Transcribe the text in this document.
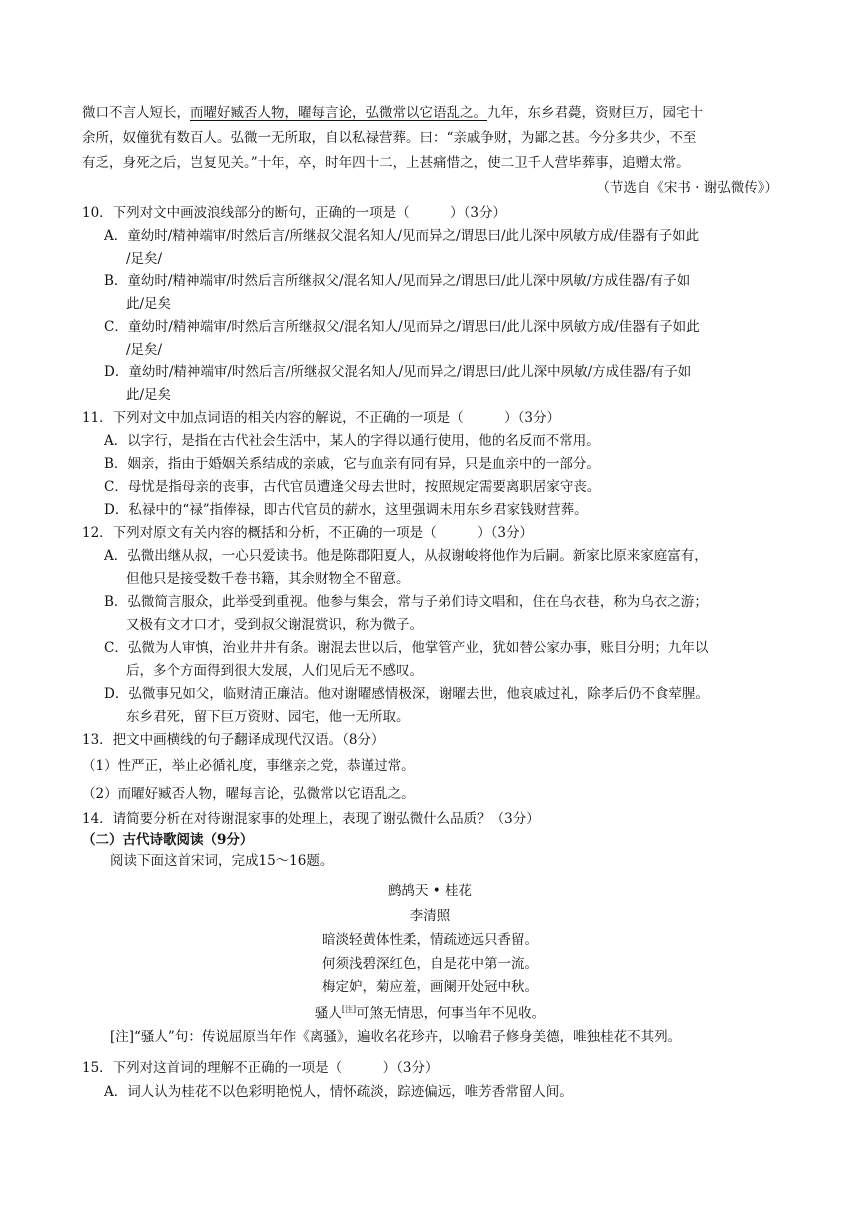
微口不言人短长，而曜好臧否人物，曜每言论，弘微常以它语乱之。九年，东乡君薨，资财巨万，园宅十
余所，奴僮犹有数百人。弘微一无所取，自以私禄营葬。曰：“亲戚争财，为鄙之甚。今分多共少，不至
有乏，身死之后，岂复见关。”十年，卒，时年四十二，上甚痛惜之，使二卫千人营毕葬事，追赠太常。
（节选自《宋书 · 谢弘微传》）
10．下列对文中画波浪线部分的断句，正确的一项是（　　　）（3分）
A．童幼时/精神端审/时然后言/所继叔父混名知人/见而异之/谓思曰/此儿深中夙敏方成/佳器有子如此
/足矣/
B．童幼时/精神端审/时然后言所继叔父/混名知人/见而异之/谓思曰/此儿深中夙敏/方成佳器/有子如
此/足矣
C．童幼时/精神端审/时然后言所继叔父/混名知人/见而异之/谓思曰/此儿深中夙敏方成/佳器有子如此
/足矣/
D．童幼时/精神端审/时然后言/所继叔父混名知人/见而异之/谓思曰/此儿深中夙敏/方成佳器/有子如
此/足矣
11．下列对文中加点词语的相关内容的解说，不正确的一项是（　　　）（3分）
A．以字行，是指在古代社会生活中，某人的字得以通行使用，他的名反而不常用。
B．姻亲，指由于婚姻关系结成的亲戚，它与血亲有同有异，只是血亲中的一部分。
C．母忧是指母亲的丧事，古代官员遭逢父母去世时，按照规定需要离职居家守丧。
D．私禄中的“禄”指俸禄，即古代官员的薪水，这里强调未用东乡君家钱财营葬。
12．下列对原文有关内容的概括和分析，不正确的一项是（　　　）（3分）
A．弘微出继从叔，一心只爱读书。他是陈郡阳夏人，从叔谢峻将他作为后嗣。新家比原来家庭富有，
但他只是接受数千卷书籍，其余财物全不留意。
B．弘微简言服众，此举受到重视。他参与集会，常与子弟们诗文唱和，住在乌衣巷，称为乌衣之游；
又极有文才口才，受到叔父谢混赏识，称为微子。
C．弘微为人审慎，治业井井有条。谢混去世以后，他掌管产业，犹如替公家办事，账目分明；九年以
后，多个方面得到很大发展，人们见后无不感叹。
D．弘微事兄如父，临财清正廉洁。他对谢曜感情极深，谢曜去世，他哀戚过礼，除孝后仍不食荤腥。
东乡君死，留下巨万资财、园宅，他一无所取。
13．把文中画横线的句子翻译成现代汉语。（8分）
（1）性严正，举止必循礼度，事继亲之党，恭谨过常。
（2）而曜好臧否人物，曜每言论，弘微常以它语乱之。
14．请简要分析在对待谢混家事的处理上，表现了谢弘微什么品质？（3分）
（二）古代诗歌阅读（9分）
阅读下面这首宋词，完成15～16题。
鹧鸪天 • 桂花
李清照
暗淡轻黄体性柔，情疏迹远只香留。
何须浅碧深红色，自是花中第一流。
梅定妒，菊应羞，画阑开处冠中秋。
骚人[注]可煞无情思，何事当年不见收。
[注]“骚人”句：传说屈原当年作《离骚》，遍收名花珍卉，以喻君子修身美德，唯独桂花不其列。
15．下列对这首词的理解不正确的一项是（　　　）（3分）
A．词人认为桂花不以色彩明艳悦人，情怀疏淡，踪迹偏远，唯芳香常留人间。
